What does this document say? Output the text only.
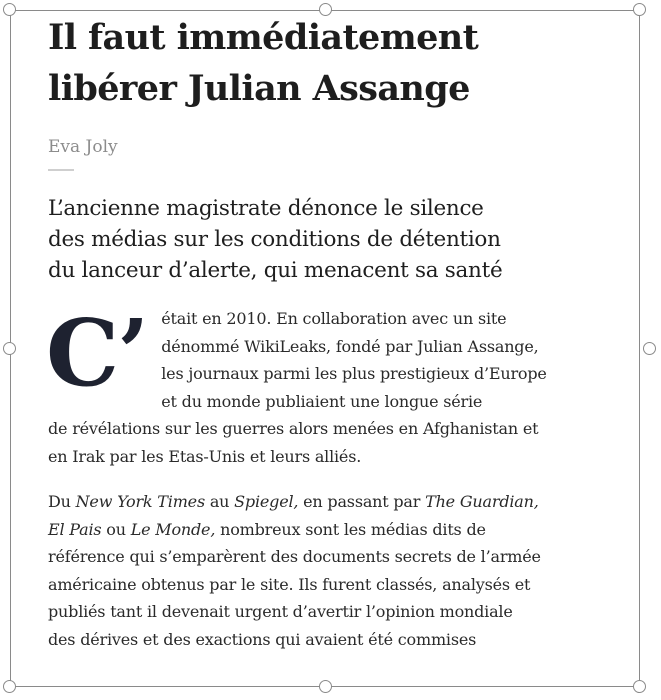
Il faut immédiatement
libérer Julian Assange
Eva Joly
L’ancienne magistrate dénonce le silence
des médias sur les conditions de détention
du lanceur d’alerte, qui menacent sa santé
C’ était en 2010. En collaboration avec un site
dénommé WikiLeaks, fondé par Julian Assange,
les journaux parmi les plus prestigieux d’Europe
et du monde publiaient une longue série
de révélations sur les guerres alors menées en Afghanistan et
en Irak par les Etas-Unis et leurs alliés.
Du New York Times au Spiegel, en passant par The Guardian,
El Pais ou Le Monde, nombreux sont les médias dits de
référence qui s’emparèrent des documents secrets de l’armée
américaine obtenus par le site. Ils furent classés, analysés et
publiés tant il devenait urgent d’avertir l’opinion mondiale
des dérives et des exactions qui avaient été commises
